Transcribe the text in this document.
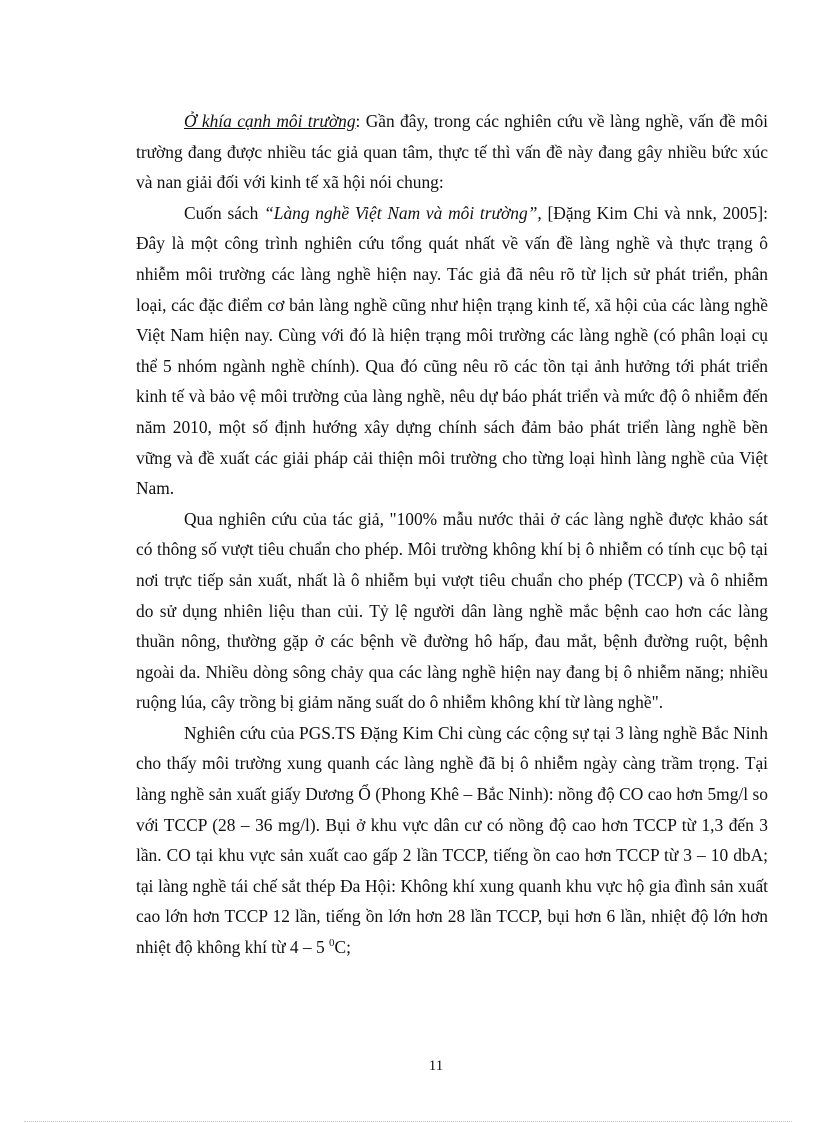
Ở khía cạnh môi trường: Gần đây, trong các nghiên cứu về làng nghề, vấn đề môi trường đang được nhiều tác giả quan tâm, thực tế thì vấn đề này đang gây nhiều bức xúc và nan giải đối với kinh tế xã hội nói chung:

Cuốn sách “Làng nghề Việt Nam và môi trường”, [Đặng Kim Chi và nnk, 2005]: Đây là một công trình nghiên cứu tổng quát nhất về vấn đề làng nghề và thực trạng ô nhiễm môi trường các làng nghề hiện nay. Tác giả đã nêu rõ từ lịch sử phát triển, phân loại, các đặc điểm cơ bản làng nghề cũng như hiện trạng kinh tế, xã hội của các làng nghề Việt Nam hiện nay. Cùng với đó là hiện trạng môi trường các làng nghề (có phân loại cụ thể 5 nhóm ngành nghề chính). Qua đó cũng nêu rõ các tồn tại ảnh hưởng tới phát triển kinh tế và bảo vệ môi trường của làng nghề, nêu dự báo phát triển và mức độ ô nhiễm đến năm 2010, một số định hướng xây dựng chính sách đảm bảo phát triển làng nghề bền vững và đề xuất các giải pháp cải thiện môi trường cho từng loại hình làng nghề của Việt Nam.

Qua nghiên cứu của tác giả, "100% mẫu nước thải ở các làng nghề được khảo sát có thông số vượt tiêu chuẩn cho phép. Môi trường không khí bị ô nhiễm có tính cục bộ tại nơi trực tiếp sản xuất, nhất là ô nhiễm bụi vượt tiêu chuẩn cho phép (TCCP) và ô nhiễm do sử dụng nhiên liệu than củi. Tỷ lệ người dân làng nghề mắc bệnh cao hơn các làng thuần nông, thường gặp ở các bệnh về đường hô hấp, đau mắt, bệnh đường ruột, bệnh ngoài da. Nhiều dòng sông chảy qua các làng nghề hiện nay đang bị ô nhiễm năng; nhiều ruộng lúa, cây trồng bị giảm năng suất do ô nhiễm không khí từ làng nghề".

Nghiên cứu của PGS.TS Đặng Kim Chi cùng các cộng sự tại 3 làng nghề Bắc Ninh cho thấy môi trường xung quanh các làng nghề đã bị ô nhiễm ngày càng trầm trọng. Tại làng nghề sản xuất giấy Dương Ổ (Phong Khê – Bắc Ninh): nồng độ CO cao hơn 5mg/l so với TCCP (28 – 36 mg/l). Bụi ở khu vực dân cư có nồng độ cao hơn TCCP từ 1,3 đến 3 lần. CO tại khu vực sản xuất cao gấp 2 lần TCCP, tiếng ồn cao hơn TCCP từ 3 – 10 dbA; tại làng nghề tái chế sắt thép Đa Hội: Không khí xung quanh khu vực hộ gia đình sản xuất cao lớn hơn TCCP 12 lần, tiếng ồn lớn hơn 28 lần TCCP, bụi hơn 6 lần, nhiệt độ lớn hơn nhiệt độ không khí từ 4 – 5 $^0$C;

11
